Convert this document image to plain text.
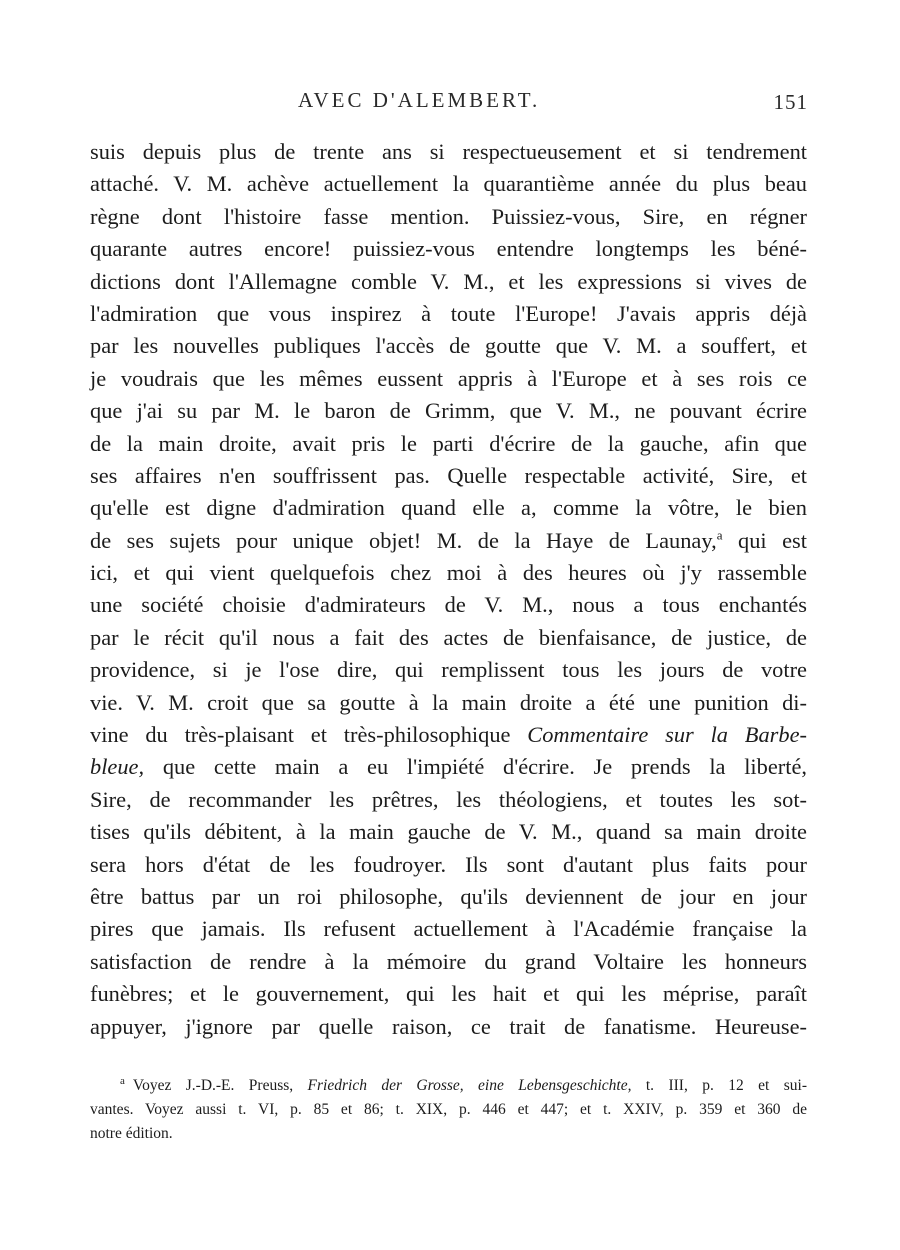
AVEC D'ALEMBERT.	151
suis depuis plus de trente ans si respectueusement et si tendrement
attaché. V. M. achève actuellement la quarantième année du plus beau
règne dont l'histoire fasse mention. Puissiez-vous, Sire, en régner
quarante autres encore! puissiez-vous entendre longtemps les béné-
dictions dont l'Allemagne comble V. M., et les expressions si vives de
l'admiration que vous inspirez à toute l'Europe! J'avais appris déjà
par les nouvelles publiques l'accès de goutte que V. M. a souffert, et
je voudrais que les mêmes eussent appris à l'Europe et à ses rois ce
que j'ai su par M. le baron de Grimm, que V. M., ne pouvant écrire
de la main droite, avait pris le parti d'écrire de la gauche, afin que
ses affaires n'en souffrissent pas. Quelle respectable activité, Sire, et
qu'elle est digne d'admiration quand elle a, comme la vôtre, le bien
de ses sujets pour unique objet! M. de la Haye de Launay,$^a$ qui est
ici, et qui vient quelquefois chez moi à des heures où j'y rassemble
une société choisie d'admirateurs de V. M., nous a tous enchantés
par le récit qu'il nous a fait des actes de bienfaisance, de justice, de
providence, si je l'ose dire, qui remplissent tous les jours de votre
vie. V. M. croit que sa goutte à la main droite a été une punition di-
vine du très-plaisant et très-philosophique Commentaire sur la Barbe-
bleue, que cette main a eu l'impiété d'écrire. Je prends la liberté,
Sire, de recommander les prêtres, les théologiens, et toutes les sot-
tises qu'ils débitent, à la main gauche de V. M., quand sa main droite
sera hors d'état de les foudroyer. Ils sont d'autant plus faits pour
être battus par un roi philosophe, qu'ils deviennent de jour en jour
pires que jamais. Ils refusent actuellement à l'Académie française la
satisfaction de rendre à la mémoire du grand Voltaire les honneurs
funèbres; et le gouvernement, qui les hait et qui les méprise, paraît
appuyer, j'ignore par quelle raison, ce trait de fanatisme. Heureuse-
$^a$ Voyez J.-D.-E. Preuss, Friedrich der Grosse, eine Lebensgeschichte, t. III, p. 12 et sui-
vantes. Voyez aussi t. VI, p. 85 et 86; t. XIX, p. 446 et 447; et t. XXIV, p. 359 et 360 de
notre édition.
